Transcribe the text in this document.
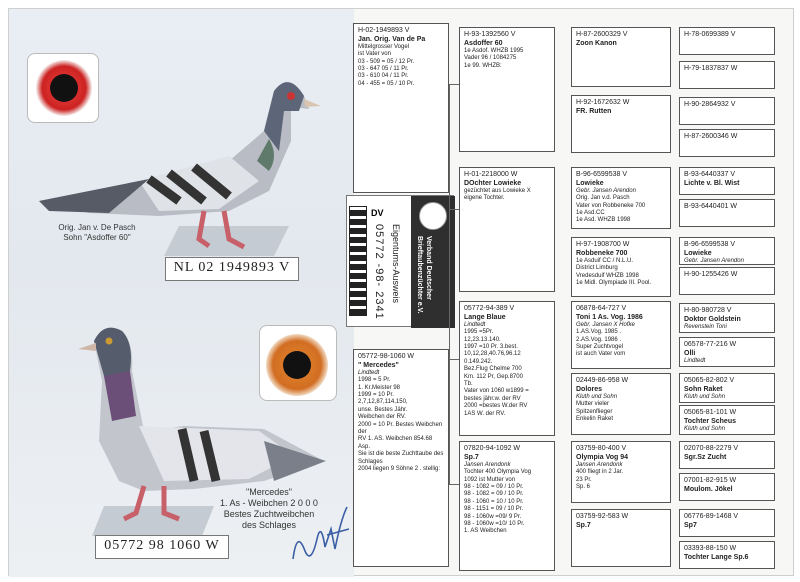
Orig. Jan v. De Pasch
Sohn "Asdoffer 60"
NL 02 1949893 V
"Mercedes"
1. As - Weibchen 2 0 0 0
Bestes Zuchtweibchen
des Schlages
05772 98 1060 W
DV
05772 -98- 2341 Eigentums-Ausweis	Verband Deutscher
Brieftaubenzüchter e.V.
H-02-1949893 V
Jan. Orig. Van de Pa
Mittelgrosser Vogel
ist Vater von
03 - 509 = 05 / 12 Pr.
03 - 647 05 / 11 Pr.
03 - 610 04 / 11 Pr.
04 - 455 = 05 / 10 Pr.
05772-98-1060 W
" Mercedes"
Lindtedt
1998 = 5 Pr.
1. Kr.Meister 98
1999 = 10 Pr.
2,7,12,87,114,150,
unse. Bestes Jähr.
Weibchen der RV.
2000 = 10 Pr. Bestes Weibchen der
RV 1. AS. Weibchen 854.68
Asp.
Sie ist die beste Zuchttaube des
Schlages
2004 liegen 9 Söhne 2 . stellig:
H-93-1392560 V
Asdoffer 60
1e Asdof. WHZB 1995
Vader 96 / 1084275
1e 99. WHZB:
H-01-2218000 W
DOchter Lowieke
gezüchtet aus Lowieke X
eigene Tochter.
05772-94-389 V
Lange Blaue
Lindtedt
1995 =5Pr.
12,23.13.140.
1997 =10 Pr. 3.best.
10,12,28,40.76,96.12
0.149.242.
Bez.Flug Chelme 700
Km. 112 Pr, Gep.8700
Tb.
Vater von 1060 w1899 =
bestes jähr.w. der RV
2000 =bestes W.der RV
1AS W. der RV.
07820-94-1092 W
Sp.7
Jansen Arendonk
Tochter 400 Olympia Vog
1092 ist Mutter von
98 - 1082 = 09 / 10 Pr.
98 - 1082 = 09 / 10 Pr.
98 - 1060 = 10 / 10 Pr.
98 - 1151 = 09 / 10 Pr.
98 - 1060w =09/ 9 Pr.
98 - 1060w =10/ 10 Pr.
1. AS Weibchen
H-87-2600329 V
Zoon Kanon
H-92-1672632 W
FR. Rutten
B-96-6599538 V
Lowieke
Gebr. Jansen Arendon
Orig. Jan v.d. Pasch
Vater von Robbeneke 700
1e Asd.CC
1e Asd. WHZB 1998
H-97-1908700 W
Robbeneke 700
1e Asduif CC / N.L.U.
District Limburg
Vredesduif WHZB 1998
1e Midl. Olympiade III. Pool.
06878-64-727 V
Toni 1 As. Vog. 1986
Gebr. Jansen X Hofke
1.AS.Vog. 1985 .
2.AS.Vog. 1986 .
Super Zuchtvogel
ist auch Vater vom
02449-86-958 W
Dolores
Kluth und Sohn
Mutter vieler
Spitzenflieger
Enkelin Raket
03759-80-400 V
Olympia Vog 94
Jansen Arendonk
400 fliegt in 2 Jar.
23 Pr.
Sp. 6
03759-92-583 W
Sp.7
H-78-0699389 V
H-79-1837837 W
H-90-2864932 V
H-87-2600346 W
B-93-6440337 V
Lichte v. Bl. Wist
B-93-6440401 W
B-96-6599538 V
Lowieke
Gebr. Jansen Arendon
H-90-1255426 W
H-80-980728 V
Doktor Goldstein
Revenstein Toni
06578-77-216 W
Olli
Lindtedt
05065-82-802 V
Sohn Raket
Kluth und Sohn
05065-81-101 W
Tochter Scheus
Kluth und Sohn
02070-88-2279 V
Sgr.Sz Zucht
07001-82-915 W
Moulom. Jökel
06776-89-1468 V
Sp7
03393-88-150 W
Tochter Lange Sp.6
